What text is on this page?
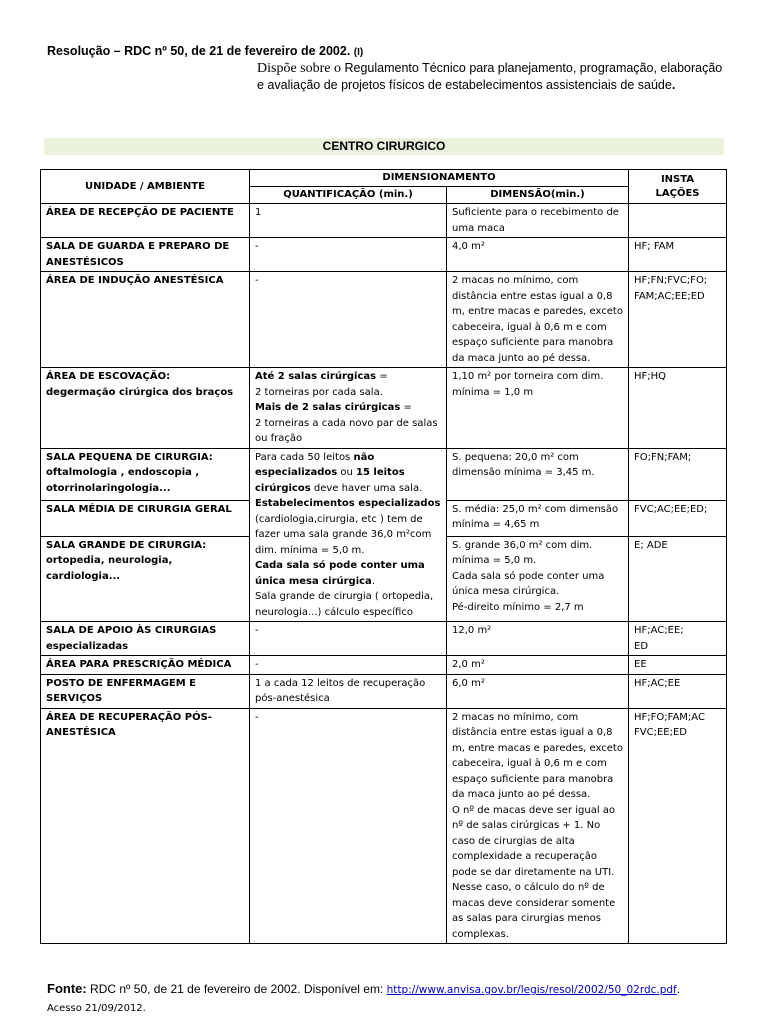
Resolução – RDC nº 50, de 21 de fevereiro de 2002. (I)
Dispõe sobre o Regulamento Técnico para planejamento, programação, elaboração e avaliação de projetos físicos de estabelecimentos assistenciais de saúde.
CENTRO CIRURGICO
UNIDADE / AMBIENTE	DIMENSIONAMENTO		INSTA
LAÇÕES
	QUANTIFICAÇÃO (min.)	DIMENSÃO(min.)	
ÁREA DE RECEPÇÃO DE PACIENTE	1	Suficiente para o recebimento de uma maca	
SALA DE GUARDA E PREPARO DE ANESTÉSICOS	-	4,0 m²	HF; FAM
ÁREA DE INDUÇÃO ANESTÉSICA	-	2 macas no mínimo, com distância entre estas igual a 0,8 m, entre macas e paredes, exceto cabeceira, igual à 0,6 m e com espaço suficiente para manobra da maca junto ao pé dessa.	HF;FN;FVC;FO; FAM;AC;EE;ED
ÁREA DE ESCOVAÇÃO:
degermação cirúrgica dos braços	Até 2 salas cirúrgicas =
2 torneiras por cada sala.
Mais de 2 salas cirúrgicas =
2 torneiras a cada novo par de salas ou fração	1,10 m² por torneira com dim. mínima = 1,0 m	HF;HQ
SALA PEQUENA DE CIRURGIA: oftalmologia , endoscopia , otorrinolaringologia...	Para cada 50 leitos não especializados ou 15 leitos cirúrgicos deve haver uma sala.
Estabelecimentos especializados (cardiologia,cirurgia, etc ) tem de fazer uma sala grande 36,0 m²com dim. mínima = 5,0 m.
Cada sala só pode conter uma única mesa cirúrgica.
Sala grande de cirurgia ( ortopedia, neurologia...) cálculo específico	S. pequena: 20,0 m² com dimensão mínima = 3,45 m.	FO;FN;FAM;
SALA MÉDIA DE CIRURGIA GERAL		S. média: 25,0 m² com dimensão mínima = 4,65 m	FVC;AC;EE;ED;
SALA GRANDE DE CIRURGIA: ortopedia, neurologia, cardiologia...		S. grande 36,0 m² com dim. mínima = 5,0 m.
Cada sala só pode conter uma única mesa cirúrgica.
Pé-direito mínimo = 2,7 m	E; ADE
SALA DE APOIO ÀS CIRURGIAS especializadas	-	12,0 m²	HF;AC;EE;
ED
ÁREA PARA PRESCRIÇÃO MÉDICA	-	2,0 m²	EE
POSTO DE ENFERMAGEM E SERVIÇOS	1 a cada 12 leitos de recuperação pós-anestésica	6,0 m²	HF;AC;EE
ÁREA DE RECUPERAÇÃO PÓS-ANESTÉSICA	-	2 macas no mínimo, com distância entre estas igual a 0,8 m, entre macas e paredes, exceto cabeceira, igual à 0,6 m e com espaço suficiente para manobra da maca junto ao pé dessa.
O nº de macas deve ser igual ao nº de salas cirúrgicas + 1. No caso de cirurgias de alta complexidade a recuperação pode se dar diretamente na UTI. Nesse caso, o cálculo do nº de macas deve considerar somente as salas para cirurgias menos complexas.	HF;FO;FAM;AC
FVC;EE;ED
Fonte: RDC nº 50, de 21 de fevereiro de 2002. Disponível em: http://www.anvisa.gov.br/legis/resol/2002/50_02rdc.pdf.
Acesso 21/09/2012.
